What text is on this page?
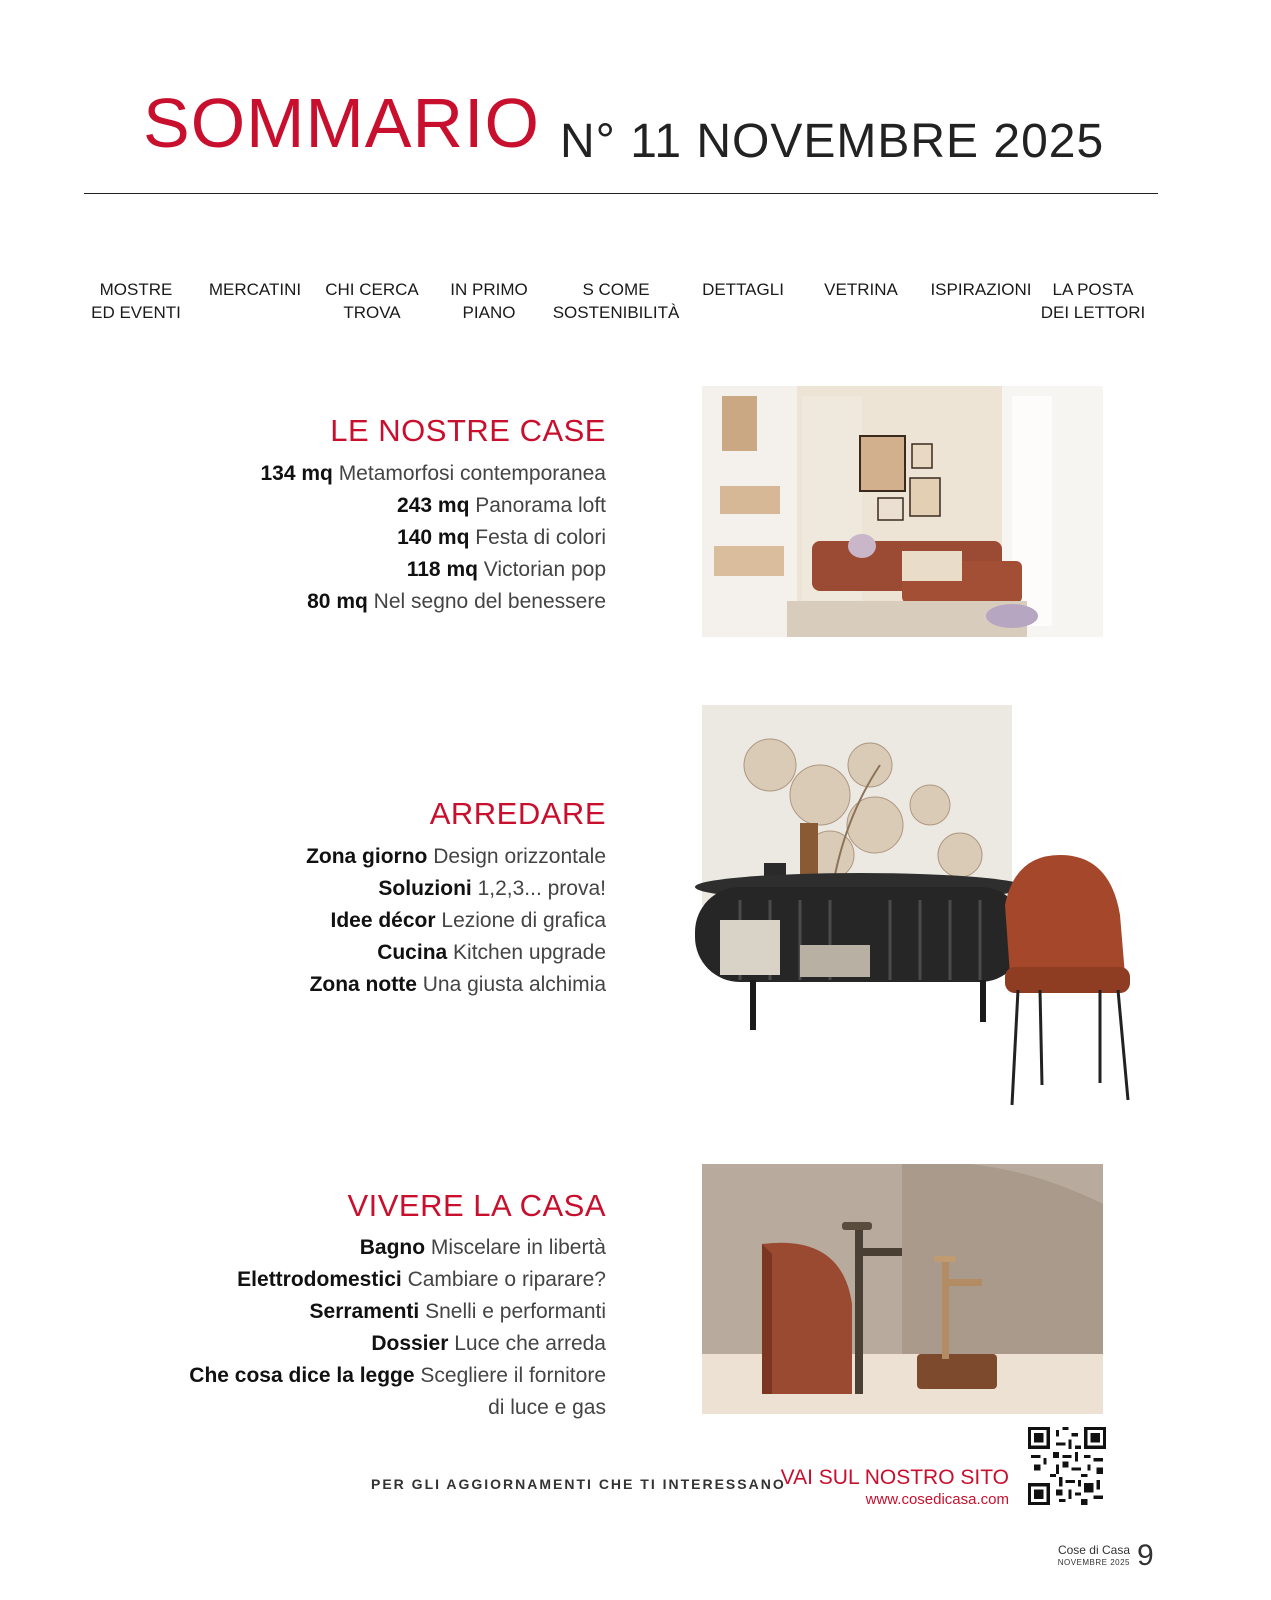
SOMMARIO N° 11 NOVEMBRE 2025
MOSTRE
ED EVENTI
MERCATINI CHI CERCA
TROVA
IN PRIMO
PIANO
S COME
SOSTENIBILITÀ
DETTAGLI	VETRINA	ISPIRAZIONI	LA POSTA
DEI LETTORI
LE NOSTRE CASE
134 mq Metamorfosi contemporanea
243 mq Panorama loft
140 mq Festa di colori
118 mq Victorian pop
80 mq Nel segno del benessere
ARREDARE
Zona giorno Design orizzontale
Soluzioni 1,2,3... prova!
Idee décor Lezione di grafica
Cucina Kitchen upgrade
Zona notte Una giusta alchimia
VIVERE LA CASA
Bagno Miscelare in libertà
Elettrodomestici Cambiare o riparare?
Serramenti Snelli e performanti
Dossier Luce che arreda
Che cosa dice la legge Scegliere il fornitore
di luce e gas
PER GLI AGGIORNAMENTI CHE TI INTERESSANO
VAI SUL NOSTRO SITO
www.cosedicasa.com
Cose di Casa
NOVEMBRE 2025 9
